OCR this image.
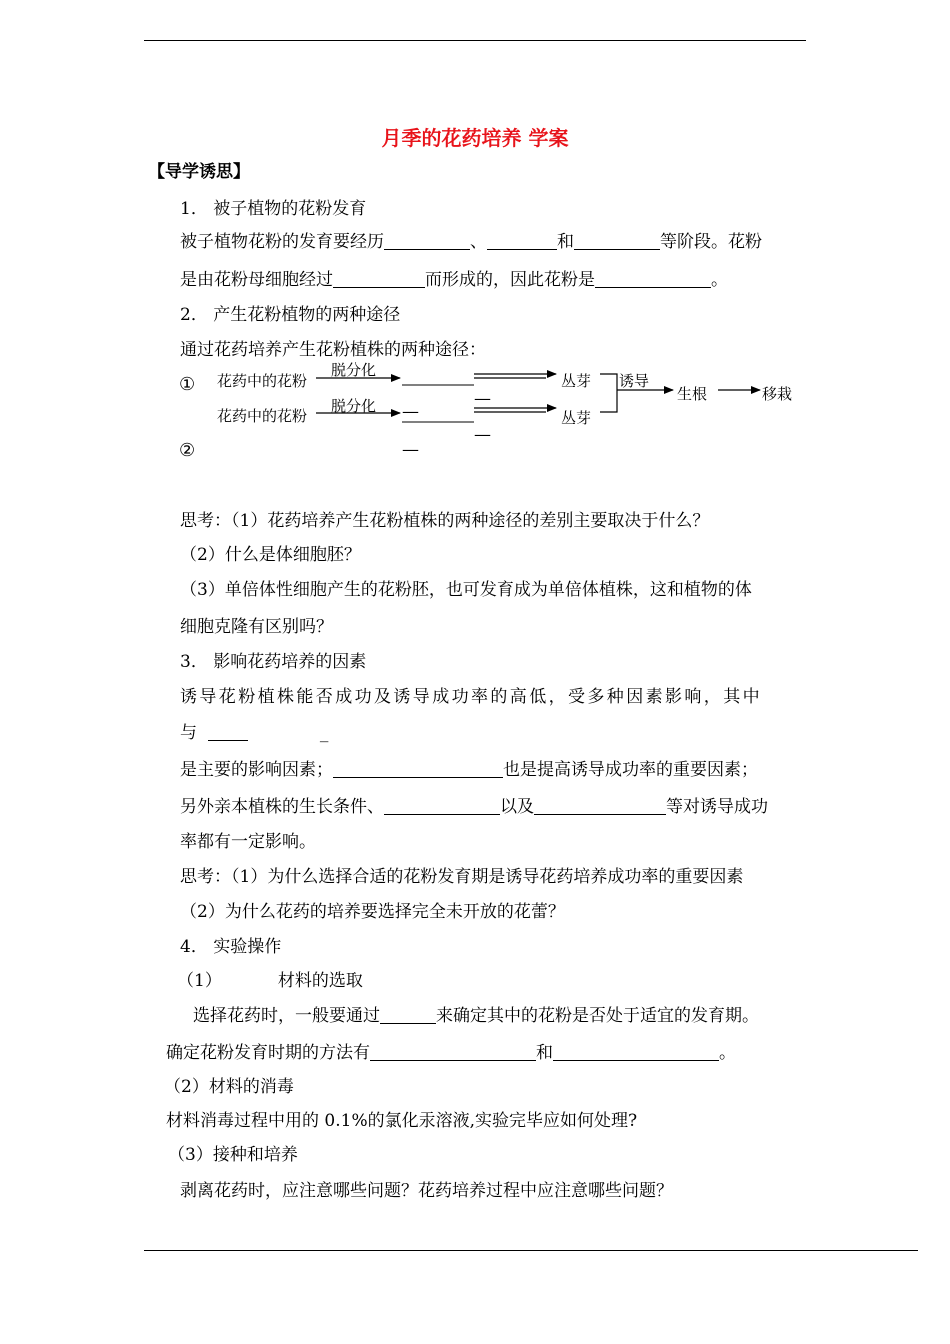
月季的花药培养 学案
【导学诱思】
1． 被子植物的花粉发育
被子植物花粉的发育要经历	、	和	等阶段。花粉
是由花粉母细胞经过	而形成的，因此花粉是	。
2． 产生花粉植物的两种途径
通过花药培养产生花粉植株的两种途径：
① 花药中的花粉
脱分化
花药中的花粉
脱分化	—
—
—
—
丛芽
丛芽
诱导
生根	移栽
②
思考：（1）花药培养产生花粉植株的两种途径的差别主要取决于什么？
（2）什么是体细胞胚？
（3）单倍体性细胞产生的花粉胚，也可发育成为单倍体植株，这和植物的体
细胞克隆有区别吗？
3． 影响花药培养的因素
诱导花粉植株能否成功及诱导成功率的高低，受多种因素影响，其中
与	_
是主要的影响因素；	也是提高诱导成功率的重要因素；
另外亲本植株的生长条件、	以及	等对诱导成功
率都有一定影响。
思考：（1）为什么选择合适的花粉发育期是诱导花药培养成功率的重要因素
（2）为什么花药的培养要选择完全未开放的花蕾？
4． 实验操作
（1）	材料的选取
选择花药时，一般要通过	来确定其中的花粉是否处于适宜的发育期。
确定花粉发育时期的方法有	和	。
（2）材料的消毒
材料消毒过程中用的 0.1%的氯化汞溶液,实验完毕应如何处理?
（3）接种和培养
剥离花药时，应注意哪些问题？花药培养过程中应注意哪些问题？
